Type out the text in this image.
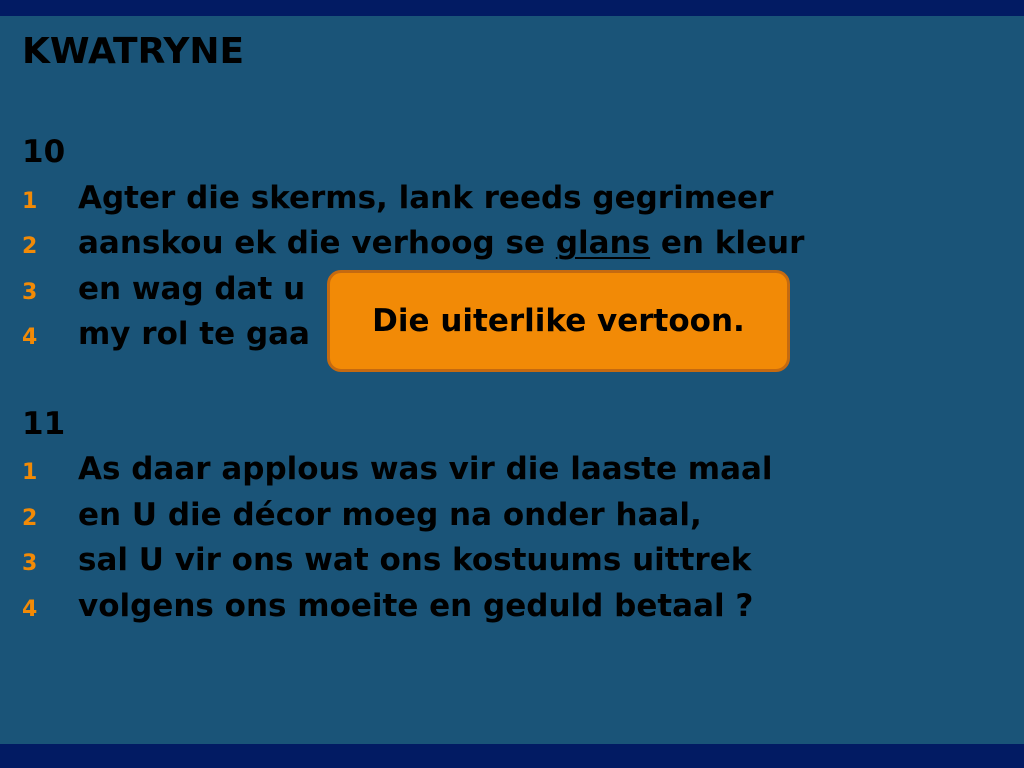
KWATRYNE
10
1	Agter die skerms, lank reeds gegrimeer
2	aanskou ek die verhoog se glans en kleur
3	en wag dat u
4	my rol te gaa
11
1	As daar applous was vir die laaste maal
2	en U die décor moeg na onder haal,
3	sal U vir ons wat ons kostuums uittrek
4	volgens ons moeite en geduld betaal ?
Die uiterlike vertoon.
